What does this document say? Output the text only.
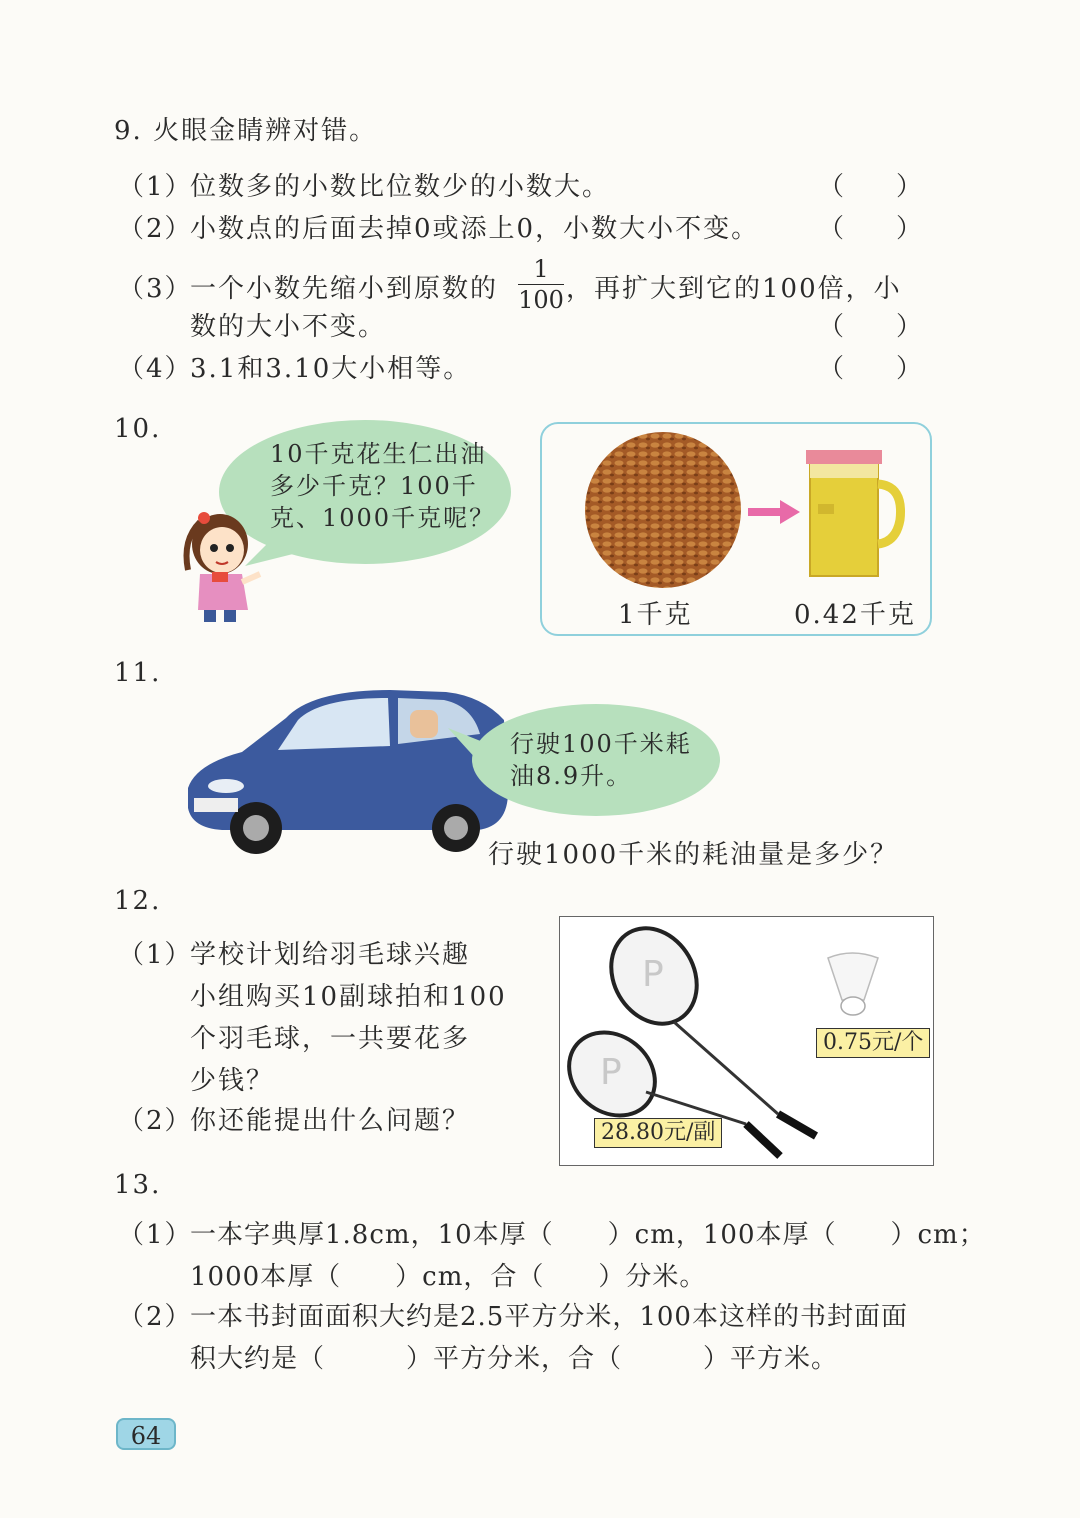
9. 火眼金睛辨对错。
（1）
位数多的小数比位数少的小数大。	（　　）
（2）
小数点的后面去掉0或添上0，小数大小不变。 （　　）
（3）
一个小数先缩小到原数的
1
100 ，再扩大到它的100倍，小
数的大小不变。	（　　）
（4）
3.1和3.10大小相等。	（　　）
10.
10千克花生仁出油
多少千克？100千
克、1000千克呢？
1千克	0.42千克
11.
行驶100千米耗
油8.9升。
行驶1000千米的耗油量是多少？
12.
（1）
学校计划给羽毛球兴趣
小组购买10副球拍和100
个羽毛球，一共要花多
少钱？
（2）
你还能提出什么问题？
P
P
0.75元/个
28.80元/副
13.
（1）
一本字典厚1.8cm，10本厚（　　）cm，100本厚（　　）cm；
1000本厚（　　）cm，合（　　）分米。
（2）
一本书封面面积大约是2.5平方分米，100本这样的书封面面
积大约是（　　　）平方分米，合（　　　）平方米。
64
